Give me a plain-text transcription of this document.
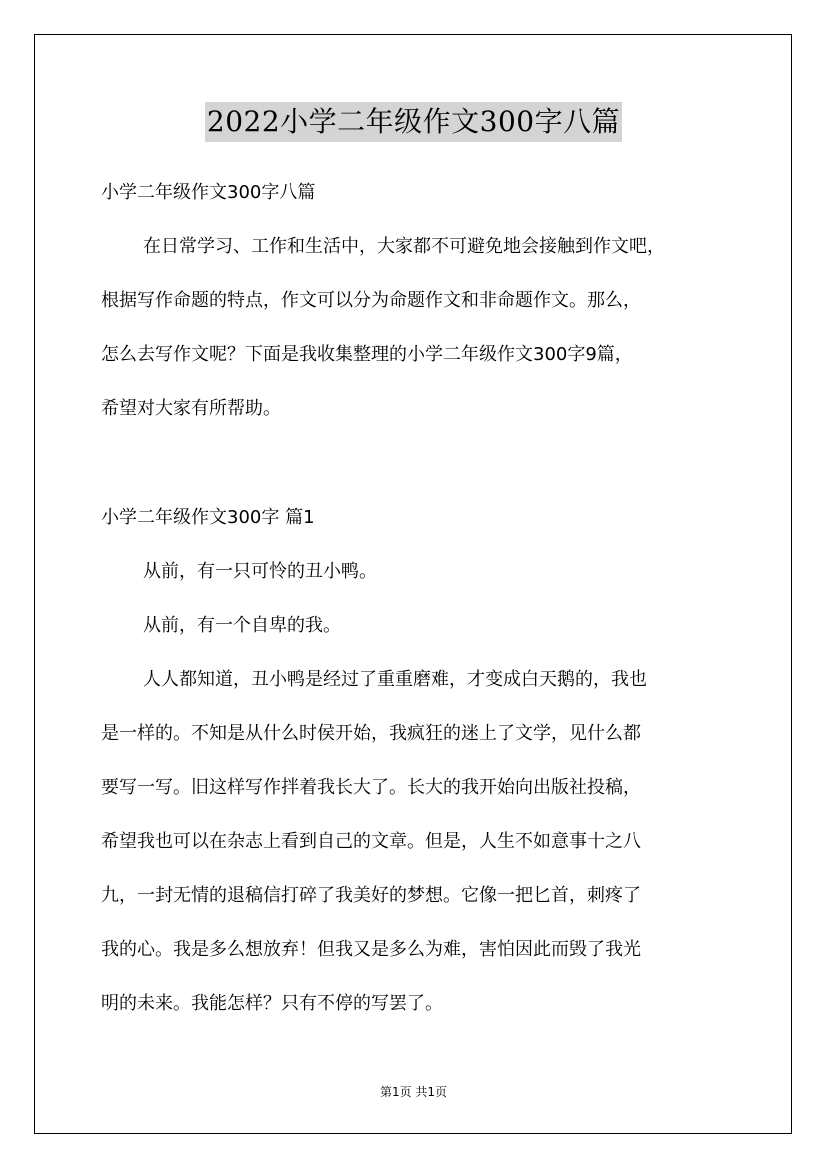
2022小学二年级作文300字八篇
小学二年级作文300字八篇
在日常学习、工作和生活中，大家都不可避免地会接触到作文吧，
根据写作命题的特点，作文可以分为命题作文和非命题作文。那么，
怎么去写作文呢？下面是我收集整理的小学二年级作文300字9篇，
希望对大家有所帮助。
小学二年级作文300字 篇1
从前，有一只可怜的丑小鸭。
从前，有一个自卑的我。
人人都知道，丑小鸭是经过了重重磨难，才变成白天鹅的，我也
是一样的。不知是从什么时侯开始，我疯狂的迷上了文学，见什么都
要写一写。旧这样写作拌着我长大了。长大的我开始向出版社投稿，
希望我也可以在杂志上看到自己的文章。但是，人生不如意事十之八
九，一封无情的退稿信打碎了我美好的梦想。它像一把匕首，刺疼了
我的心。我是多么想放弃！但我又是多么为难，害怕因此而毁了我光
明的未来。我能怎样？只有不停的写罢了。
第1页 共1页
